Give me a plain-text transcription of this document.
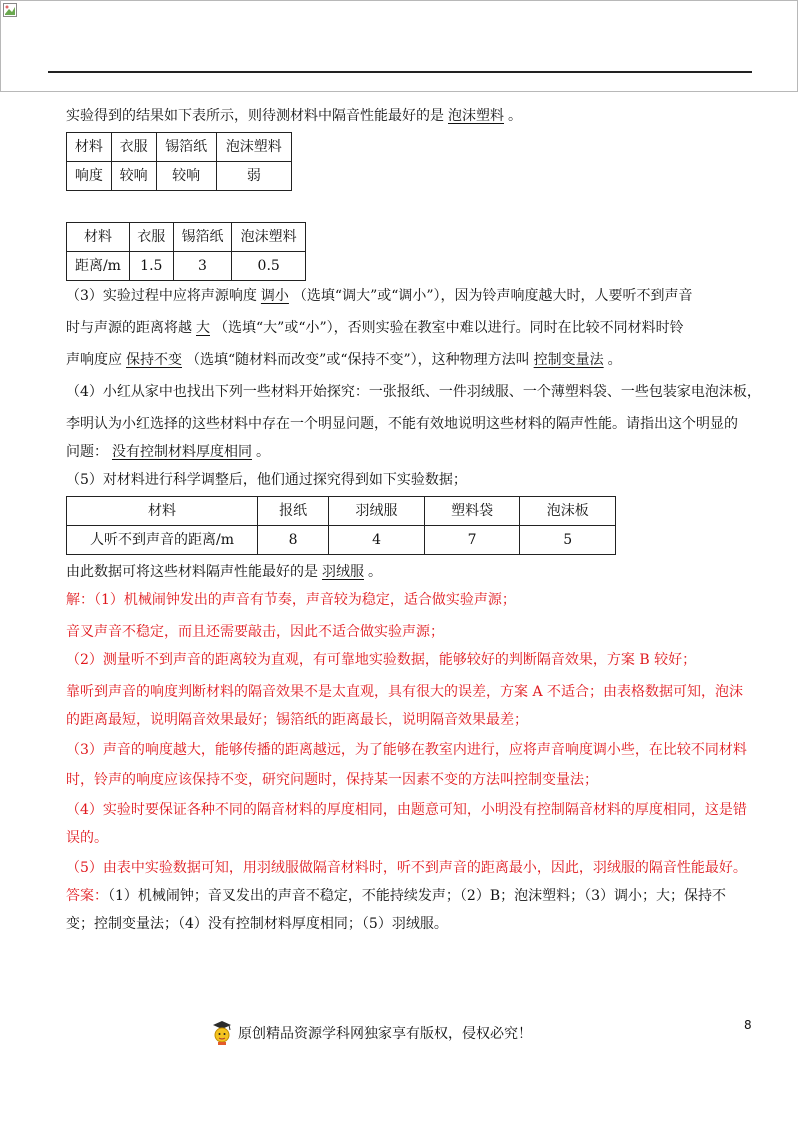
实验得到的结果如下表所示，则待测材料中隔音性能最好的是 泡沫塑料 。
材料	衣服	锡箔纸	泡沫塑料
响度	较响	较响	弱
材料	衣服	锡箔纸	泡沫塑料
距离/m	1.5	3	0.5
（3）实验过程中应将声源响度 调小 （选填“调大”或“调小”），因为铃声响度越大时，人要听不到声音
时与声源的距离将越 大 （选填“大”或“小”），否则实验在教室中难以进行。同时在比较不同材料时铃
声响度应 保持不变 （选填“随材料而改变”或“保持不变”），这种物理方法叫 控制变量法 。
（4）小红从家中也找出下列一些材料开始探究：一张报纸、一件羽绒服、一个薄塑料袋、一些包装家电泡沫板，
李明认为小红选择的这些材料中存在一个明显问题，不能有效地说明这些材料的隔声性能。请指出这个明显的
问题： 没有控制材料厚度相同 。
（5）对材料进行科学调整后，他们通过探究得到如下实验数据；
材料	报纸	羽绒服	塑料袋	泡沫板
人听不到声音的距离/m	8	4	7	5
由此数据可将这些材料隔声性能最好的是 羽绒服 。
解：（1）机械闹钟发出的声音有节奏，声音较为稳定，适合做实验声源；
音叉声音不稳定，而且还需要敲击，因此不适合做实验声源；
（2）测量听不到声音的距离较为直观，有可靠地实验数据，能够较好的判断隔音效果，方案 B 较好；
靠听到声音的响度判断材料的隔音效果不是太直观，具有很大的误差，方案 A 不适合；由表格数据可知，泡沫
的距离最短，说明隔音效果最好；锡箔纸的距离最长，说明隔音效果最差；
（3）声音的响度越大，能够传播的距离越远，为了能够在教室内进行，应将声音响度调小些，在比较不同材料
时，铃声的响度应该保持不变，研究问题时，保持某一因素不变的方法叫控制变量法；
（4）实验时要保证各种不同的隔音材料的厚度相同，由题意可知，小明没有控制隔音材料的厚度相同，这是错
误的。
（5）由表中实验数据可知，用羽绒服做隔音材料时，听不到声音的距离最小，因此，羽绒服的隔音性能最好。
答案：（1）机械闹钟；音叉发出的声音不稳定，不能持续发声；（2）B；泡沫塑料；（3）调小；大；保持不
变；控制变量法；（4）没有控制材料厚度相同；（5）羽绒服。
8
原创精品资源学科网独家享有版权，侵权必究！
